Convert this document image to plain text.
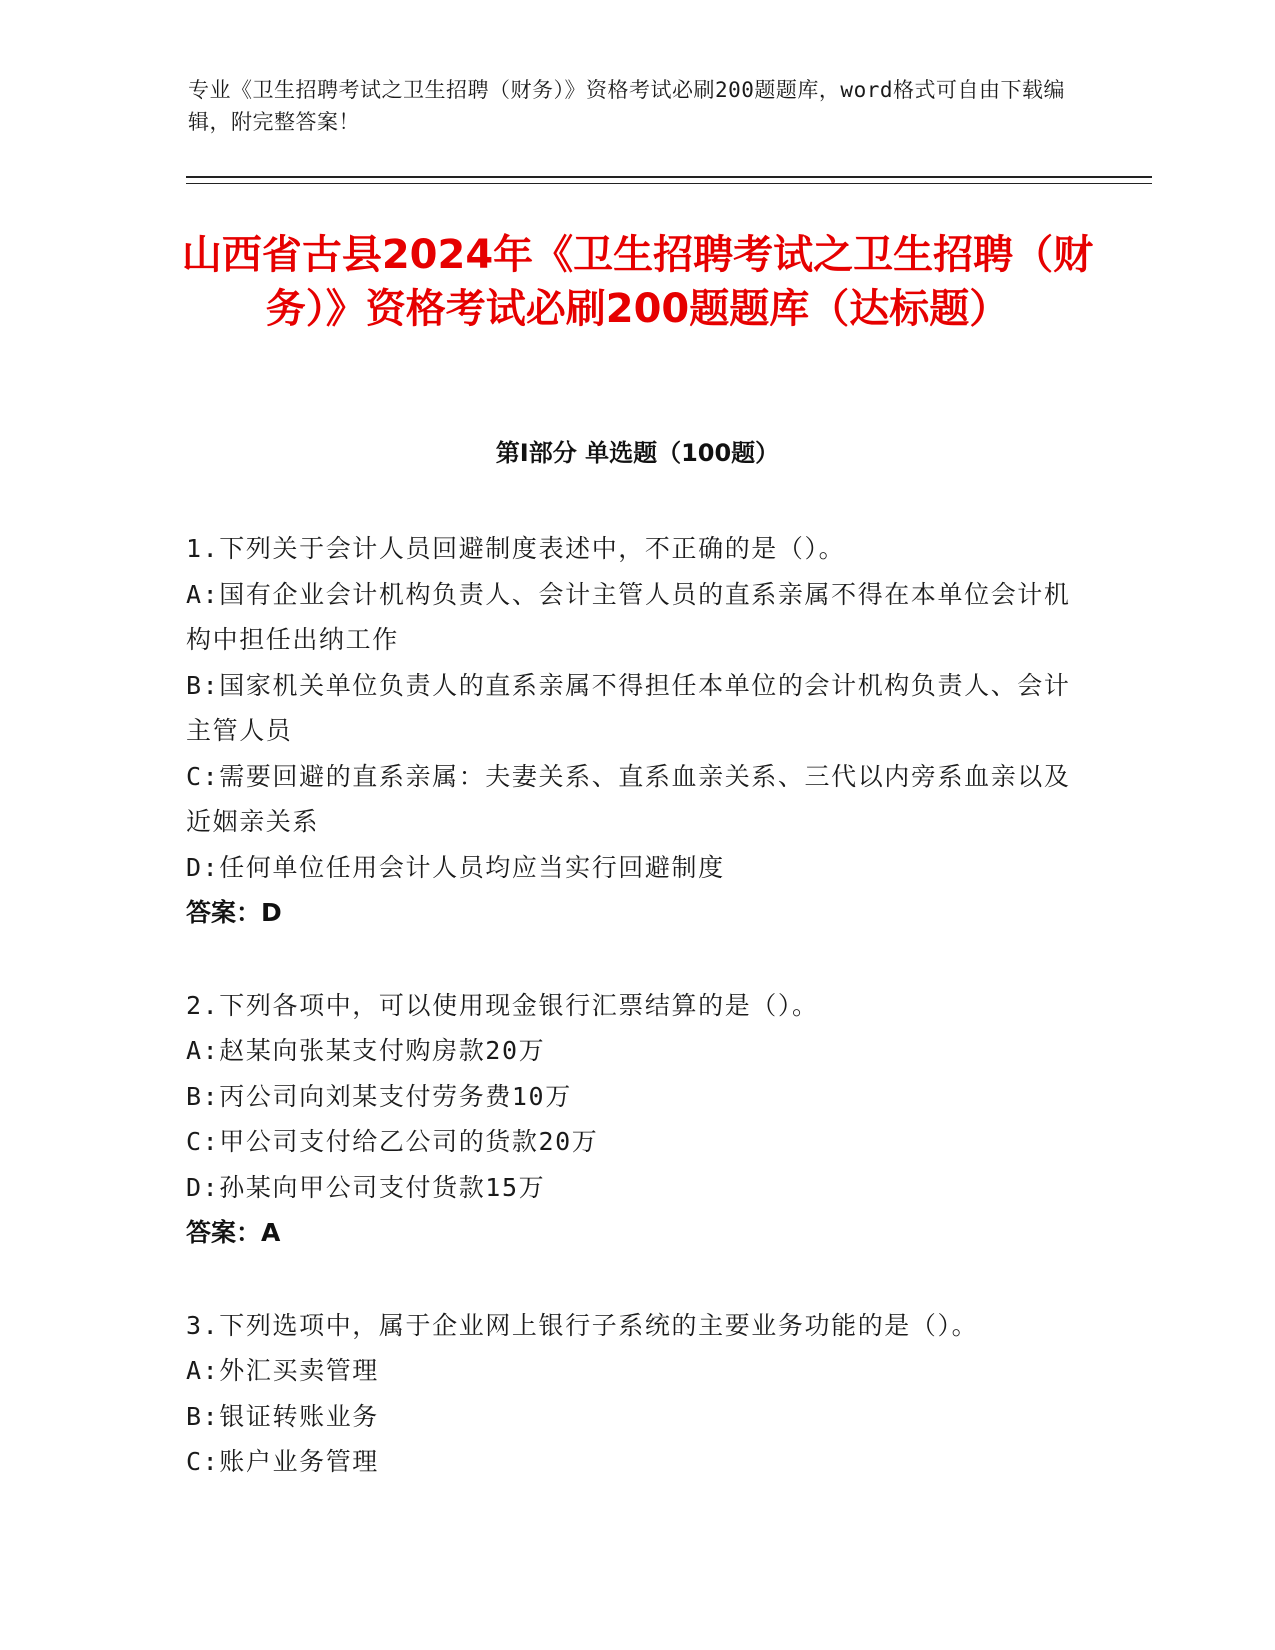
专业《卫生招聘考试之卫生招聘（财务）》资格考试必刷200题题库，word格式可自由下载编辑，附完整答案！
山西省古县2024年《卫生招聘考试之卫生招聘（财务）》资格考试必刷200题题库（达标题）
第I部分 单选题（100题）
1.下列关于会计人员回避制度表述中，不正确的是（）。
A:国有企业会计机构负责人、会计主管人员的直系亲属不得在本单位会计机构中担任出纳工作
B:国家机关单位负责人的直系亲属不得担任本单位的会计机构负责人、会计主管人员
C:需要回避的直系亲属：夫妻关系、直系血亲关系、三代以内旁系血亲以及近姻亲关系
D:任何单位任用会计人员均应当实行回避制度
答案：D
2.下列各项中，可以使用现金银行汇票结算的是（）。
A:赵某向张某支付购房款20万
B:丙公司向刘某支付劳务费10万
C:甲公司支付给乙公司的货款20万
D:孙某向甲公司支付货款15万
答案：A
3.下列选项中，属于企业网上银行子系统的主要业务功能的是（）。
A:外汇买卖管理
B:银证转账业务
C:账户业务管理
